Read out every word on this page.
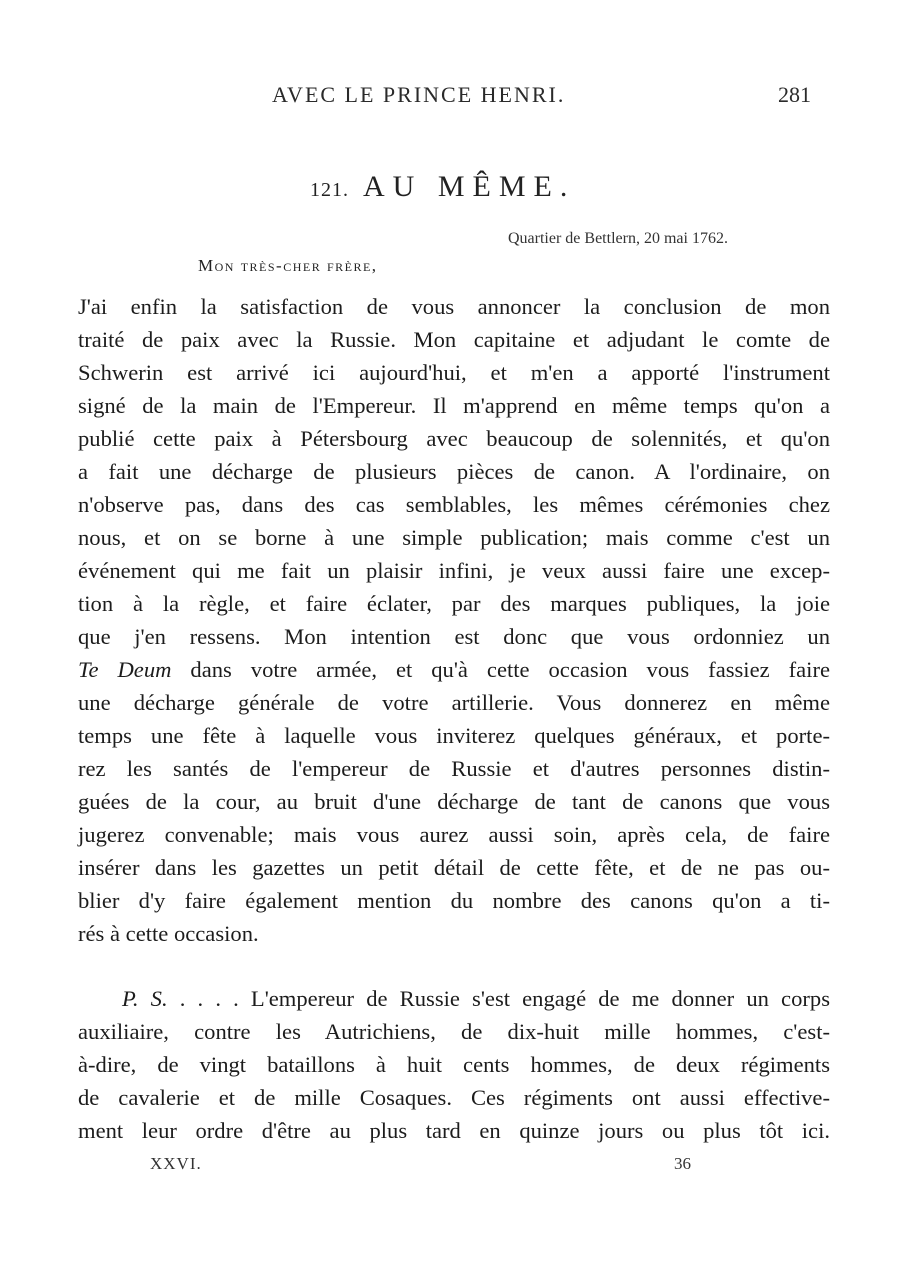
AVEC LE PRINCE HENRI.	281
121. AU MÊME.
Quartier de Bettlern, 20 mai 1762.
Mon très-cher frère,
J'ai enfin la satisfaction de vous annoncer la conclusion de mon
traité de paix avec la Russie. Mon capitaine et adjudant le comte de
Schwerin est arrivé ici aujourd'hui, et m'en a apporté l'instrument
signé de la main de l'Empereur. Il m'apprend en même temps qu'on a
publié cette paix à Pétersbourg avec beaucoup de solennités, et qu'on
a fait une décharge de plusieurs pièces de canon. A l'ordinaire, on
n'observe pas, dans des cas semblables, les mêmes cérémonies chez
nous, et on se borne à une simple publication; mais comme c'est un
événement qui me fait un plaisir infini, je veux aussi faire une excep-
tion à la règle, et faire éclater, par des marques publiques, la joie
que j'en ressens. Mon intention est donc que vous ordonniez un
Te Deum dans votre armée, et qu'à cette occasion vous fassiez faire
une décharge générale de votre artillerie. Vous donnerez en même
temps une fête à laquelle vous inviterez quelques généraux, et porte-
rez les santés de l'empereur de Russie et d'autres personnes distin-
guées de la cour, au bruit d'une décharge de tant de canons que vous
jugerez convenable; mais vous aurez aussi soin, après cela, de faire
insérer dans les gazettes un petit détail de cette fête, et de ne pas ou-
blier d'y faire également mention du nombre des canons qu'on a ti-
rés à cette occasion.
P. S. . . . . L'empereur de Russie s'est engagé de me donner un corps
auxiliaire, contre les Autrichiens, de dix-huit mille hommes, c'est-
à-dire, de vingt bataillons à huit cents hommes, de deux régiments
de cavalerie et de mille Cosaques. Ces régiments ont aussi effective-
ment leur ordre d'être au plus tard en quinze jours ou plus tôt ici.
XXVI.	36
